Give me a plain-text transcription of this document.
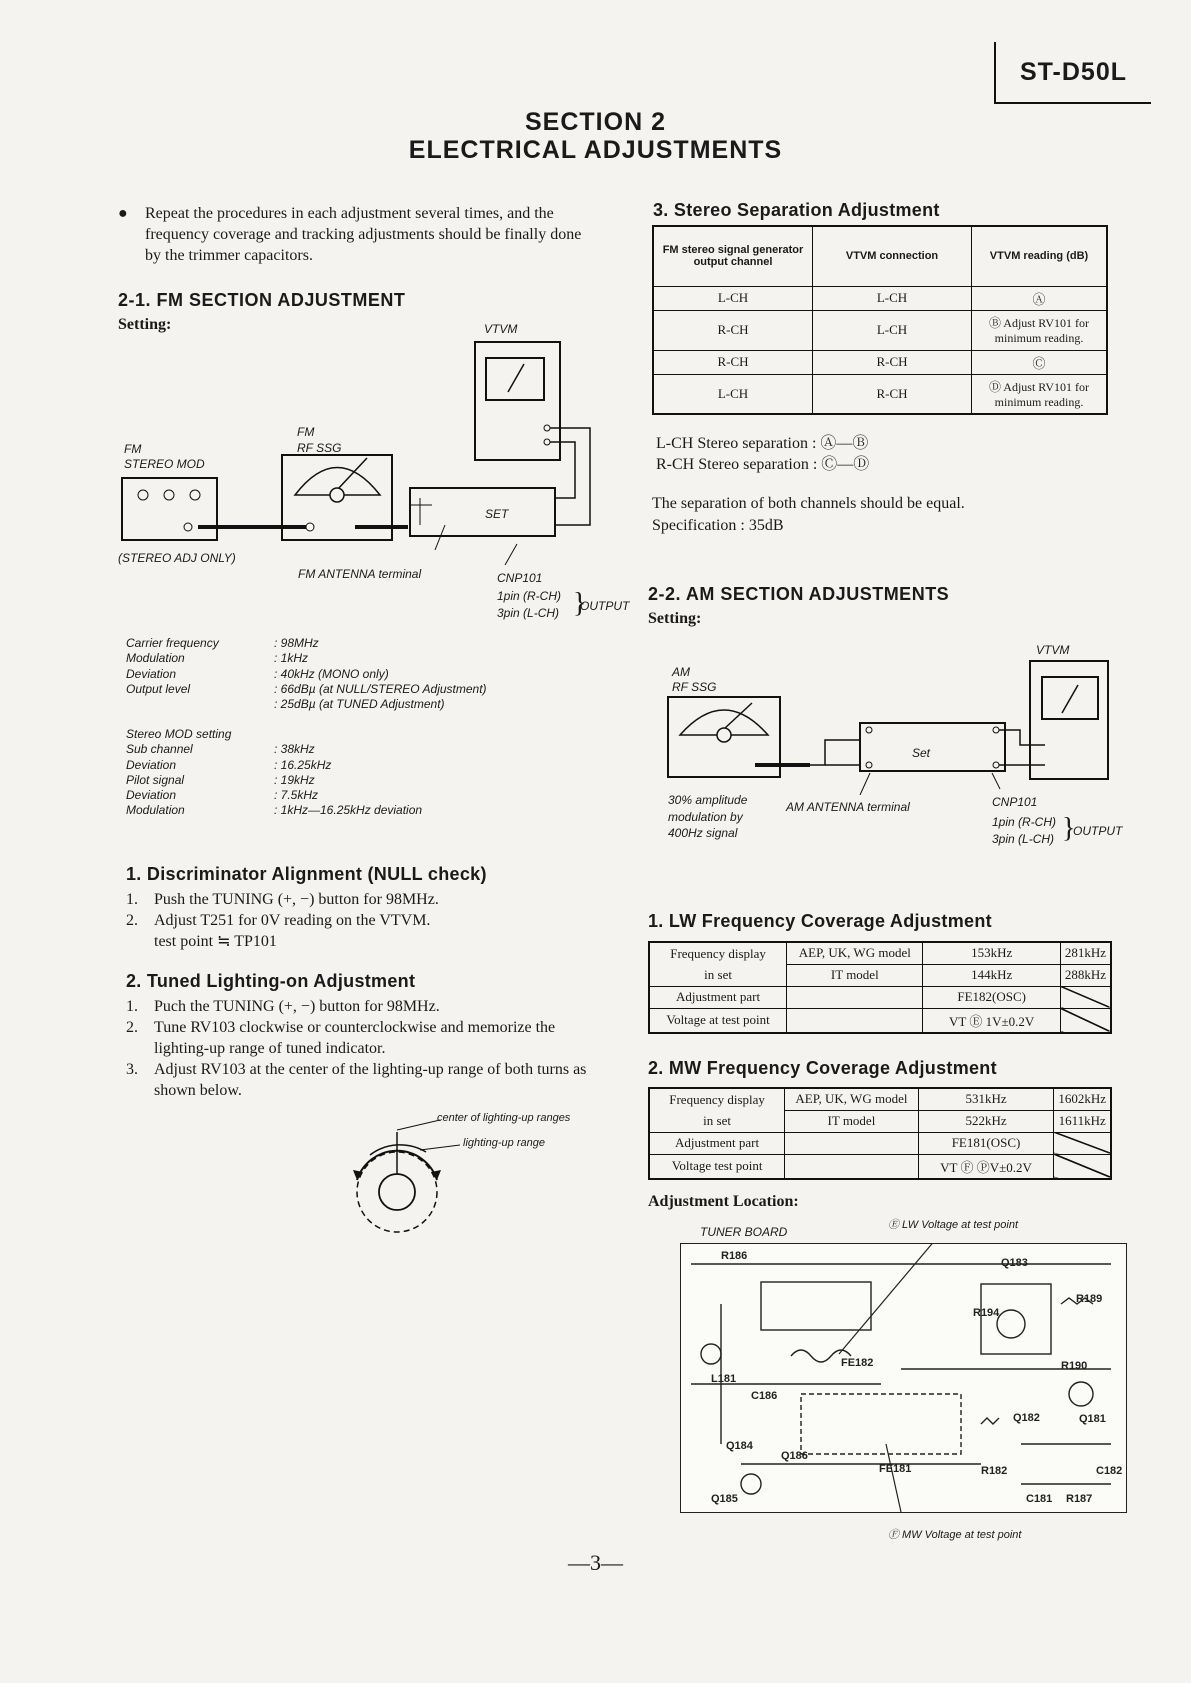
ST-D50L
SECTION 2
ELECTRICAL ADJUSTMENTS
● Repeat the procedures in each adjustment several times, and the frequency coverage and tracking adjustments should be finally done by the trimmer capacitors.
2-1. FM SECTION ADJUSTMENT
Setting:	VTVM
FM
RF SSG
FM
STEREO MOD
SET
(STEREO ADJ ONLY)
FM ANTENNA terminal	CNP101
1pin (R-CH)
3pin (L-CH) }
OUTPUT
Carrier frequency	: 98MHz
Modulation	: 1kHz
Deviation	: 40kHz (MONO only)
Output level	: 66dBµ (at NULL/STEREO Adjustment)
: 25dBµ (at TUNED Adjustment)
Stereo MOD setting
Sub channel	: 38kHz
Deviation	: 16.25kHz
Pilot signal	: 19kHz
Deviation	: 7.5kHz
Modulation	: 1kHz—16.25kHz deviation
1. Discriminator Alignment (NULL check)
1. Push the TUNING (+, −) button for 98MHz.
2. Adjust T251 for 0V reading on the VTVM.
test point ≒ TP101
2. Tuned Lighting-on Adjustment
1. Puch the TUNING (+, −) button for 98MHz.
2. Tune RV103 clockwise or counterclockwise and memorize the lighting-up range of tuned indicator.
3. Adjust RV103 at the center of the lighting-up range of both turns as shown below.
center of lighting-up ranges
lighting-up range
3. Stereo Separation Adjustment
FM stereo signal generator output channel	VTVM connection	VTVM reading (dB)
L-CH	L-CH	Ⓐ
R-CH	L-CH	Ⓑ Adjust RV101 for minimum reading.
R-CH	R-CH	Ⓒ
L-CH	R-CH	Ⓓ Adjust RV101 for minimum reading.
L-CH Stereo separation : Ⓐ—Ⓑ
R-CH Stereo separation : Ⓒ—Ⓓ
The separation of both channels should be equal.
Specification : 35dB
2-2. AM SECTION ADJUSTMENTS
Setting:
VTVM
AM
RF SSG
Set
30% amplitude
modulation by
400Hz signal
AM ANTENNA terminal	CNP101
1pin (R-CH)
3pin (L-CH) }
OUTPUT
1. LW Frequency Coverage Adjustment
Frequency display	AEP, UK, WG model	153kHz	281kHz
in set	IT model	144kHz	288kHz
Adjustment part		FE182(OSC)	
Voltage at test point		VT Ⓔ 1V±0.2V	
2. MW Frequency Coverage Adjustment
Frequency display	AEP, UK, WG model	531kHz	1602kHz
in set	IT model	522kHz	1611kHz
Adjustment part		FE181(OSC)	
Voltage test point		VT Ⓕ ⓅV±0.2V	
Adjustment Location:
TUNER BOARD	Ⓔ LW Voltage at test point
Ⓕ MW Voltage at test point
R186
Q183
R194
R189
FE182
L181
C186
R190
Q181
Q182
Q184
Q186
FE181
Q185
R182
C181 R187
C182
—3—
